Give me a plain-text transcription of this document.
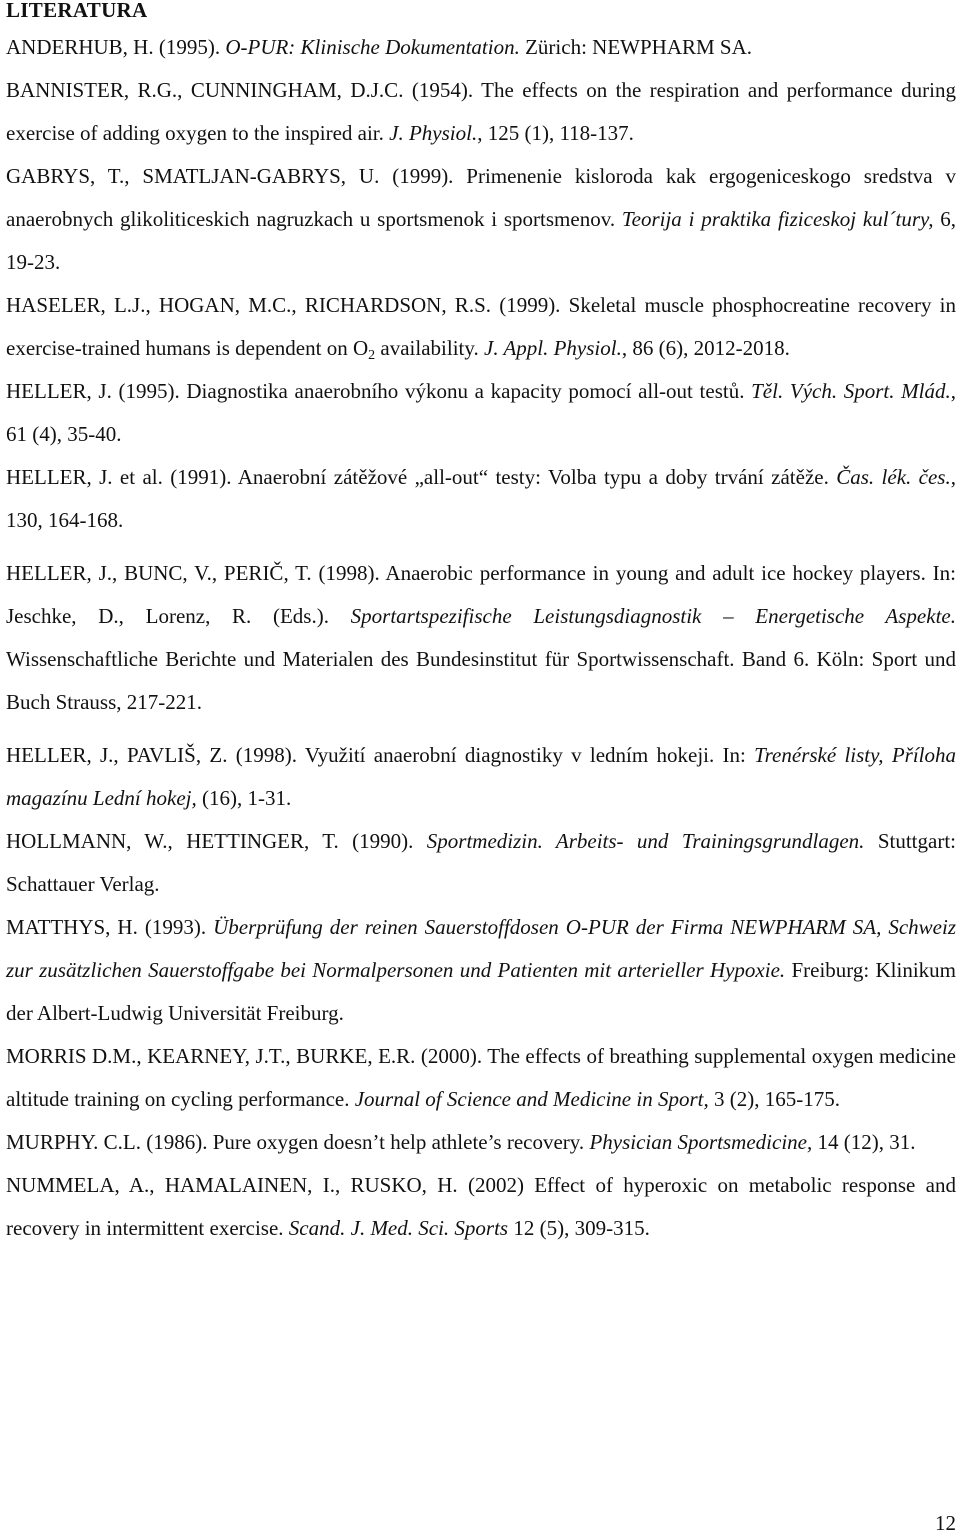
LITERATURA
ANDERHUB, H. (1995). O-PUR: Klinische Dokumentation. Zürich: NEWPHARM SA.
BANNISTER, R.G., CUNNINGHAM, D.J.C. (1954). The effects on the respiration and performance during exercise of adding oxygen to the inspired air. J. Physiol., 125 (1), 118-137.
GABRYS, T., SMATLJAN-GABRYS, U. (1999). Primenenie kisloroda kak ergogeniceskogo sredstva v anaerobnych glikoliticeskich nagruzkach u sportsmenok i sportsmenov. Teorija i praktika fiziceskoj kul´tury, 6, 19-23.
HASELER, L.J., HOGAN, M.C., RICHARDSON, R.S. (1999). Skeletal muscle phosphocreatine recovery in exercise-trained humans is dependent on $O_2$ availability. J. Appl. Physiol., 86 (6), 2012-2018.
HELLER, J. (1995). Diagnostika anaerobního výkonu a kapacity pomocí all-out testů. Těl. Vých. Sport. Mlád., 61 (4), 35-40.
HELLER, J. et al. (1991). Anaerobní zátěžové „all-out“ testy: Volba typu a doby trvání zátěže. Čas. lék. čes., 130, 164-168.
HELLER, J., BUNC, V., PERIČ, T. (1998). Anaerobic performance in young and adult ice hockey players. In: Jeschke, D., Lorenz, R. (Eds.). Sportartspezifische Leistungsdiagnostik – Energetische Aspekte. Wissenschaftliche Berichte und Materialen des Bundesinstitut für Sportwissenschaft. Band 6. Köln: Sport und Buch Strauss, 217-221.
HELLER, J., PAVLIŠ, Z. (1998). Využití anaerobní diagnostiky v ledním hokeji. In: Trenérské listy, Příloha magazínu Lední hokej, (16), 1-31.
HOLLMANN, W., HETTINGER, T. (1990). Sportmedizin. Arbeits- und Trainingsgrundlagen. Stuttgart: Schattauer Verlag.
MATTHYS, H. (1993). Überprüfung der reinen Sauerstoffdosen O-PUR der Firma NEWPHARM SA, Schweiz zur zusätzlichen Sauerstoffgabe bei Normalpersonen und Patienten mit arterieller Hypoxie. Freiburg: Klinikum der Albert-Ludwig Universität Freiburg.
MORRIS D.M., KEARNEY, J.T., BURKE, E.R. (2000). The effects of breathing supplemental oxygen medicine altitude training on cycling performance. Journal of Science and Medicine in Sport, 3 (2), 165-175.
MURPHY. C.L. (1986). Pure oxygen doesn’t help athlete’s recovery. Physician Sportsmedicine, 14 (12), 31.
NUMMELA, A., HAMALAINEN, I., RUSKO, H. (2002) Effect of hyperoxic on metabolic response and recovery in intermittent exercise. Scand. J. Med. Sci. Sports 12 (5), 309-315.
12
